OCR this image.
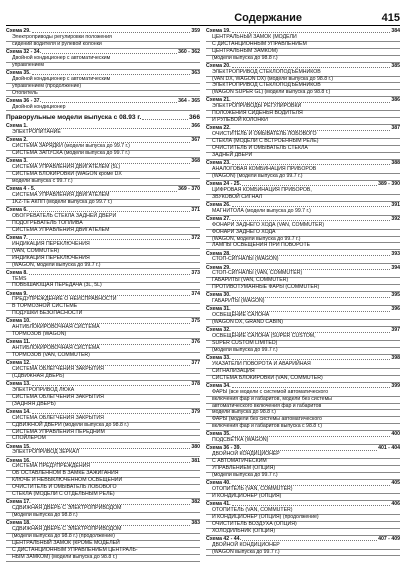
Содержание	415
Схема 29.	359
Электроприводы регулировки положения
сидений водителя и рулевой колонки
Схема 32 - 34.	360 - 362
Двойной кондиционер с автоматическим
управлением
Схема 35.	363
Двойной кондиционер с автоматическим
управлением (продолжение)
Отопитель
Схема 36 - 37.	364 - 365
Двойной кондиционер
Праворульные модели выпуска с 08.93 г.	366
Схема 1.	366
ЭЛЕКТРОПИТАНИЕ
Схема 2.	367
СИСТЕМА ЗАРЯДКИ (модели выпуска до 99.7 г.)
СИСТЕМА ЗАПУСКА (модели выпуска до 99.7 г.)
Схема 3.	368
СИСТЕМА УПРАВЛЕНИЯ ДВИГАТЕЛЕМ (5L)
СИСТЕМА БЛОКИРОВКИ (WAGON кроме DX
модели выпуска с 99.7 г.)
Схема 4 - 5.	369 - 370
СИСТЕМА УПРАВЛЕНИЯ ДВИГАТЕЛЕМ
1KZ-TE AКПП (модели выпуска до 99.7 г.)
Схема 6.	371
ОБОГРЕВАТЕЛЬ СТЕКЛА ЗАДНЕЙ ДВЕРИ
ПОДОГРЕВАТЕЛЬ ТОПЛИВА
СИСТЕМА УПРАВЛЕНИЯ ДВИГАТЕЛЕМ
Схема 7.	372
ИНДИКАЦИЯ ПЕРЕКЛЮЧЕНИЯ
(VAN, COMMUTER)
ИНДИКАЦИЯ ПЕРЕКЛЮЧЕНИЯ
(WAGON, модели выпуска до 99.7 г.)
Схема 8.	373
TEMS
ПОВЫШАЮЩАЯ ПЕРЕДАЧА (3L, 5L)
Схема 9.	374
ПРЕДУПРЕЖДЕНИЕ О НЕИСПРАВНОСТИ
В ТОРМОЗНОЙ СИСТЕМЕ
ПОДУШКИ БЕЗОПАСНОСТИ
Схема 10.	375
АНТИБЛОКИРОВОЧНАЯ СИСТЕМА
ТОРМОЗОВ (WAGON)
Схема 11.	376
АНТИБЛОКИРОВОЧНАЯ СИСТЕМА
ТОРМОЗОВ (VAN, COMMUTER)
Схема 12.	377
СИСТЕМА ОБЛЕГЧЕНИЯ ЗАКРЫТИЯ
(СДВИЖНАЯ ДВЕРЬ)
Схема 13.	378
ЭЛЕКТРОПРИВОД ЛЮКА
СИСТЕМА ОБЛЕГЧЕНИЯ ЗАКРЫТИЯ
(ЗАДНЯЯ ДВЕРЬ)
Схема 14.	379
СИСТЕМА ОБЛЕГЧЕНИЯ ЗАКРЫТИЯ
СДВИЖНОЙ ДВЕРИ (модели выпуска до 98.8 г.)
СИСТЕМА УПРАВЛЕНИЯ ПЕРЕДНИМ
СПОЙЛЕРОМ
Схема 15.	380
ЭЛЕКТРОПРИВОД ЗЕРКАЛ
Схема 16.	381
СИСТЕМА ПРЕДУПРЕЖДЕНИЯ
ОБ ОСТАВЛЕННОМ В ЗАМКЕ ЗАЖИГАНИЯ
КЛЮЧЕ И НЕВЫКЛЮЧЕННОМ ОСВЕЩЕНИИ
ОЧИСТИТЕЛЬ И ОМЫВАТЕЛЬ ЛОБОВОГО
СТЕКЛА (МОДЕЛИ С ОТДЕЛЬНЫМ РЕЛЕ)
Схема 17.	382
СДВИЖНАЯ ДВЕРЬ С ЭЛЕКТРОПРИВОДОМ
(модели выпуска до 98.8 г.)
Схема 18.	383
СДВИЖНАЯ ДВЕРЬ С ЭЛЕКТРОПРИВОДОМ
(модели выпуска до 98.8 г.) (продолжение)
ЦЕНТРАЛЬНЫЙ ЗАМОК (КРОМЕ МОДЕЛЕЙ
С ДИСТАНЦИОННЫМ УПРАВЛЕНИЕМ ЦЕНТРАЛЬ-
НЫМ ЗАМКОМ) (модели выпуска до 98.8 г.)
Схема 19.	384
ЦЕНТРАЛЬНЫЙ ЗАМОК (МОДЕЛИ
С ДИСТАНЦИОННЫМ УПРАВЛЕНИЕМ
ЦЕНТРАЛЬНЫМ ЗАМКОМ)
(модели выпуска до 98.8 г.)
Схема 20.	385
ЭЛЕКТРОПРИВОД СТЕКЛОПОДЪЁМНИКОВ
(VAN DX, WAGON DX) (модели выпуска до 98.8 г.)
ЭЛЕКТРОПРИВОД СТЕКЛОПОДЪЁМНИКОВ
(WAGON SUPER GL) (модели выпуска до 98.8 г.)
Схема 21.	386
ЭЛЕКТРОПРИВОДЫ РЕГУЛИРОВКИ
ПОЛОЖЕНИЯ СИДЕНЬЯ ВОДИТЕЛЯ
И РУЛЕВОЙ КОЛОНКИ
Схема 22.	387
ОЧИСТИТЕЛЬ И ОМЫВАТЕЛЬ ЛОБОВОГО
СТЕКЛА (МОДЕЛИ С ВСТРОЕННЫМ РЕЛЕ)
ОЧИСТИТЕЛЬ И ОМЫВАТЕЛЬ СТЕКЛА
ЗАДНЕЙ ДВЕРИ
Схема 23.	388
АНАЛОГОВАЯ КОМБИНАЦИЯ ПРИБОРОВ
(WAGON) (модели выпуска до 99.7 г.)
Схема 24 - 25.	389 - 390
ЦИФРОВАЯ КОМБИНАЦИЯ ПРИБОРОВ,
ЗВУКОВОЙ СИГНАЛ
Схема 26.	391
МАГНИТОЛА (модели выпуска до 99.7 г.)
Схема 27.	392
ФОНАРИ ЗАДНЕГО ХОДА (VAN, COMMUTER)
ФОНАРИ ЗАДНЕГО ХОДА
(WAGON, модели выпуска до 99.7 г.)
ЛАМПЫ ОСВЕЩЕНИЯ ПРИ ПОВОРОТЕ
Схема 28.	393
СТОП-СИГНАЛЫ (WAGON)
Схема 29.	394
СТОП-СИГНАЛЫ (VAN, COMMUTER)
ГАБАРИТЫ (VAN, COMMUTER)
ПРОТИВОТУМАННЫЕ ФАРЫ (COMMUTER)
Схема 30.	395
ГАБАРИТЫ (WAGON)
Схема 31.	396
ОСВЕЩЕНИЕ САЛОНА
(WAGON DX, GRAND CABIN)
Схема 32.	397
ОСВЕЩЕНИЕ САЛОНА (SUPER CUSTOM,
SUPER CUSTOM LIMITED)
(модели выпуска до 99.7 г.)
Схема 33.	398
УКАЗАТЕЛИ ПОВОРОТА И АВАРИЙНАЯ
СИГНАЛИЗАЦИЯ
СИСТЕМА БЛОКИРОВКИ (VAN, COMMUTER)
Схема 34.	399
ФАРЫ (все модели с системой автоматического
включения фар и габаритов, модели без системы
автоматического включения фар и габаритов
модели выпуска до 98.8 г.)
ФАРЫ (модели без системы автоматического
включения фар и габаритов выпуска с 98.8 г.)
Схема 35.	400
ПОДСВЕТКА (WAGON)
Схема 36 - 39.	401 - 404
ДВОЙНОЙ КОНДИЦИОНЕР
С АВТОМАТИЧЕСКИМ
УПРАВЛЕНИЕМ (ОПЦИЯ)
(модели выпуска до 99.7 г.)
Схема 40.	405
ОТОПИТЕЛЬ (VAN, COMMUTER)
И КОНДИЦИОНЕР (ОПЦИЯ)
Схема 41.	406
ОТОПИТЕЛЬ (VAN, COMMUTER)
И КОНДИЦИОНЕР (ОПЦИЯ) (продолжение)
ОЧИСТИТЕЛЬ ВОЗДУХА (ОПЦИЯ)
ХОЛОДИЛЬНИК (ОПЦИЯ)
Схема 42 - 44.	407 - 409
ДВОЙНОЙ КОНДИЦИОНЕР
(WAGON выпуска до 99.7 г.)
